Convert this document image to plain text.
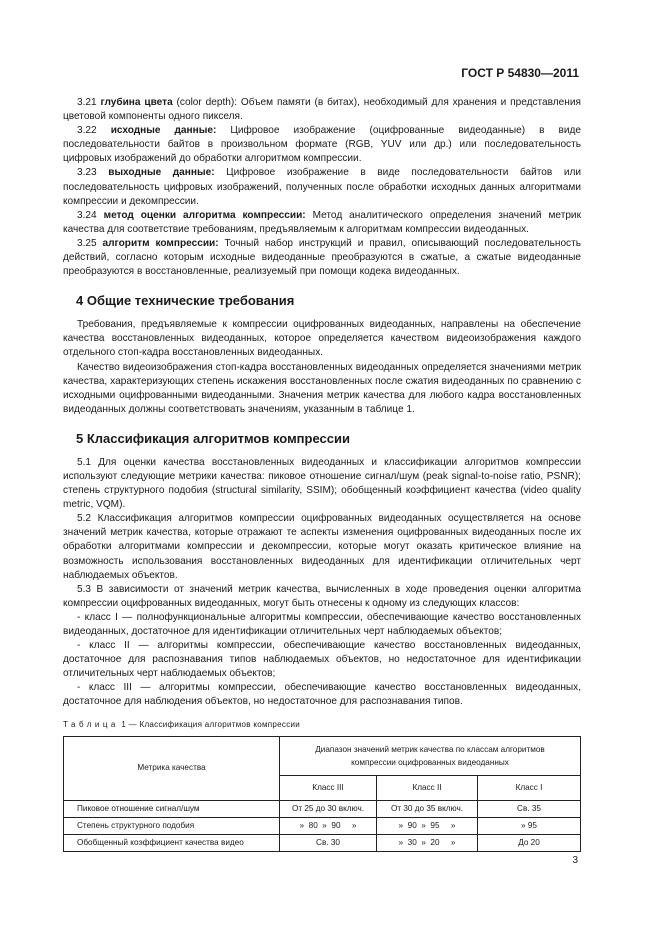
ГОСТ Р 54830—2011

3.21 глубина цвета (color depth): Объем памяти (в битах), необходимый для хранения и представления цветовой компоненты одного пикселя.

3.22 исходные данные: Цифровое изображение (оцифрованные видеоданные) в виде последовательности байтов в произвольном формате (RGB, YUV или др.) или последовательность цифровых изображений до обработки алгоритмом компрессии.

3.23 выходные данные: Цифровое изображение в виде последовательности байтов или последовательность цифровых изображений, полученных после обработки исходных данных алгоритмами компрессии и декомпрессии.

3.24 метод оценки алгоритма компрессии: Метод аналитического определения значений метрик качества для соответствие требованиям, предъявляемым к алгоритмам компрессии видеоданных.

3.25 алгоритм компрессии: Точный набор инструкций и правил, описывающий последовательность действий, согласно которым исходные видеоданные преобразуются в сжатые, а сжатые видеоданные преобразуются в восстановленные, реализуемый при помощи кодека видеоданных.

4 Общие технические требования

Требования, предъявляемые к компрессии оцифрованных видеоданных, направлены на обеспечение качества восстановленных видеоданных, которое определяется качеством видеоизображения каждого отдельного стоп-кадра восстановленных видеоданных.

Качество видеоизображения стоп-кадра восстановленных видеоданных определяется значениями метрик качества, характеризующих степень искажения восстановленных после сжатия видеоданных по сравнению с исходными оцифрованными видеоданными. Значения метрик качества для любого кадра восстановленных видеоданных должны соответствовать значениям, указанным в таблице 1.

5 Классификация алгоритмов компрессии

5.1 Для оценки качества восстановленных видеоданных и классификации алгоритмов компрессии используют следующие метрики качества: пиковое отношение сигнал/шум (peak signal-to-noise ratio, PSNR); степень структурного подобия (structural similarity, SSIM); обобщенный коэффициент качества (video quality metric, VQM).

5.2 Классификация алгоритмов компрессии оцифрованных видеоданных осуществляется на основе значений метрик качества, которые отражают те аспекты изменения оцифрованных видеоданных после их обработки алгоритмами компрессии и декомпрессии, которые могут оказать критическое влияние на возможность использования восстановленных видеоданных для идентификации отличительных черт наблюдаемых объектов.

5.3 В зависимости от значений метрик качества, вычисленных в ходе проведения оценки алгоритма компрессии оцифрованных видеоданных, могут быть отнесены к одному из следующих классов:

- класс I — полнофункциональные алгоритмы компрессии, обеспечивающие качество восстановленных видеоданных, достаточное для идентификации отличительных черт наблюдаемых объектов;

- класс II — алгоритмы компрессии, обеспечивающие качество восстановленных видеоданных, достаточное для распознавания типов наблюдаемых объектов, но недостаточное для идентификации отличительных черт наблюдаемых объектов;

- класс III — алгоритмы компрессии, обеспечивающие качество восстановленных видеоданных, достаточное для наблюдения объектов, но недостаточное для распознавания типов.

Таблица 1 — Классификация алгоритмов компрессии
Метрика качества	Диапазон значений метрик качества по классам алгоритмов компрессии оцифрованных видеоданных		
	Класс III	Класс II	Класс I
Пиковое отношение сигнал/шум	От 25 до 30 включ.	От 30 до 35 включ.	Св. 35
Степень структурного подобия	»  80  »  90     »	»  90  »  95     »	» 95
Обобщенный коэффициент качества видео	Св. 30	»  30  »  20     »	До 20
3
